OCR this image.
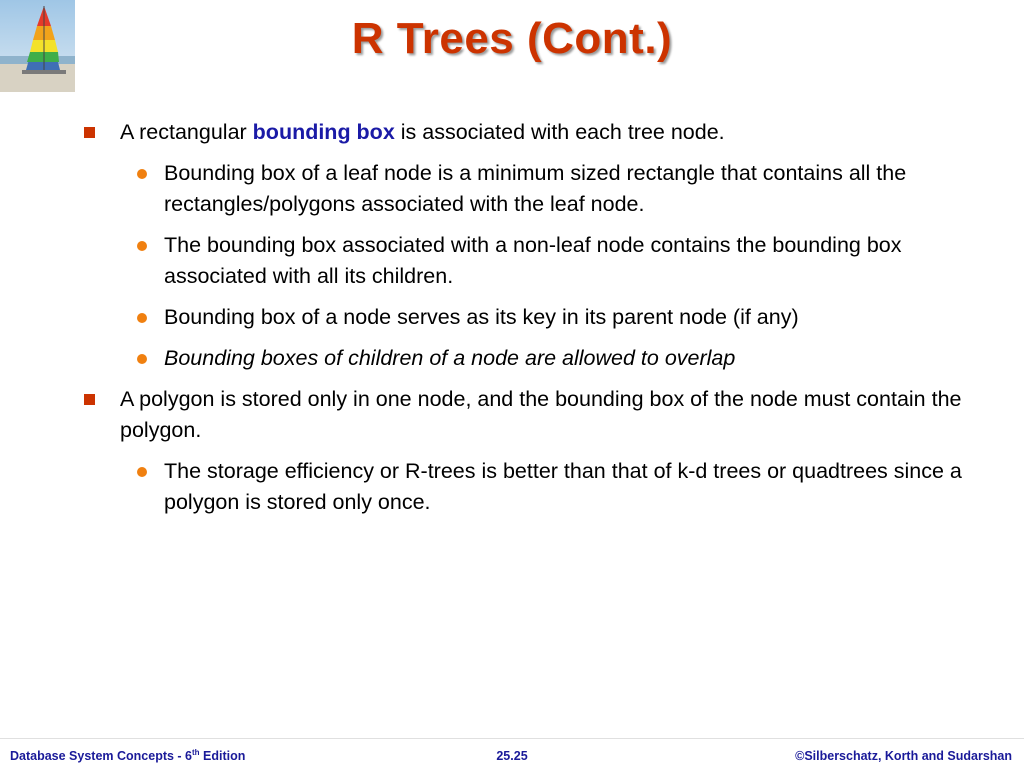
R Trees (Cont.)
A rectangular bounding box is associated with each tree node.
Bounding box of a leaf node is a minimum sized rectangle that contains all the rectangles/polygons associated with the leaf node.
The bounding box associated with a non-leaf node contains the bounding box associated with all its children.
Bounding box of a node serves as its key in its parent node (if any)
Bounding boxes of children of a node are allowed to overlap
A polygon is stored only in one node, and the bounding box of the node must contain the polygon.
The storage efficiency or R-trees is better than that of k-d trees or quadtrees since a polygon is stored only once.
Database System Concepts - 6th Edition	25.25	©Silberschatz, Korth and Sudarshan
